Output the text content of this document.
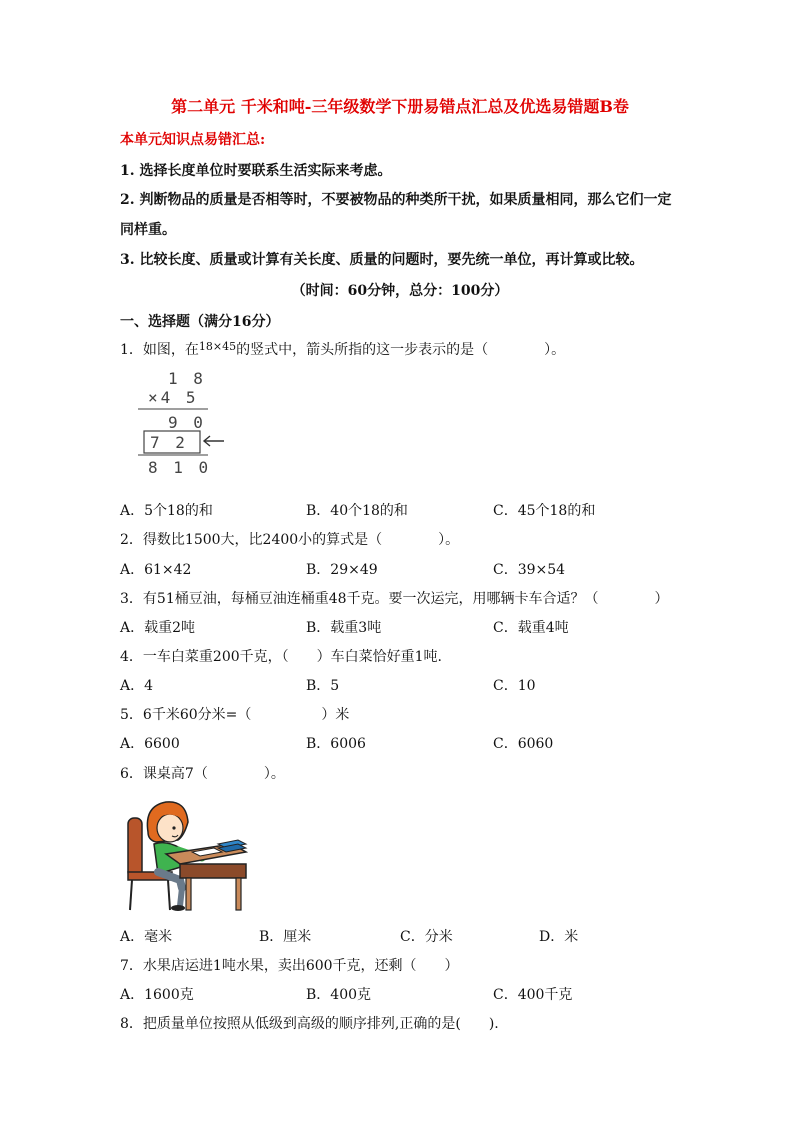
第二单元 千米和吨-三年级数学下册易错点汇总及优选易错题B卷
本单元知识点易错汇总:
1. 选择长度单位时要联系生活实际来考虑。
2. 判断物品的质量是否相等时，不要被物品的种类所干扰，如果质量相同，那么它们一定
同样重。
3. 比较长度、质量或计算有关长度、质量的问题时，要先统一单位，再计算或比较。
（时间：60分钟，总分：100分）
一、选择题（满分16分）
1．如图，在$^{18\times 45}$的竖式中，箭头所指的这一步表示的是（　　　　）。
1 8
×4 5
9 0
7 2
8 1 0
A．5个18的和	B．40个18的和	C．45个18的和
2．得数比1500大，比2400小的算式是（　　　　）。
A．61×42	B．29×49	C．39×54
3．有51桶豆油，每桶豆油连桶重48千克。要一次运完，用哪辆卡车合适？（　　　　）
A．载重2吨	B．载重3吨	C．载重4吨
4．一车白菜重200千克，（　　）车白菜恰好重1吨.
A．4	B．5	C．10
5．6千米60分米=（　　　　　）米
A．6600	B．6006	C．6060
6．课桌高7（　　　　）。
A．毫米	B．厘米	C．分米	D．米
7．水果店运进1吨水果，卖出600千克，还剩（　　）
A．1600克	B．400克	C．400千克
8．把质量单位按照从低级到高级的顺序排列,正确的是(　　).
